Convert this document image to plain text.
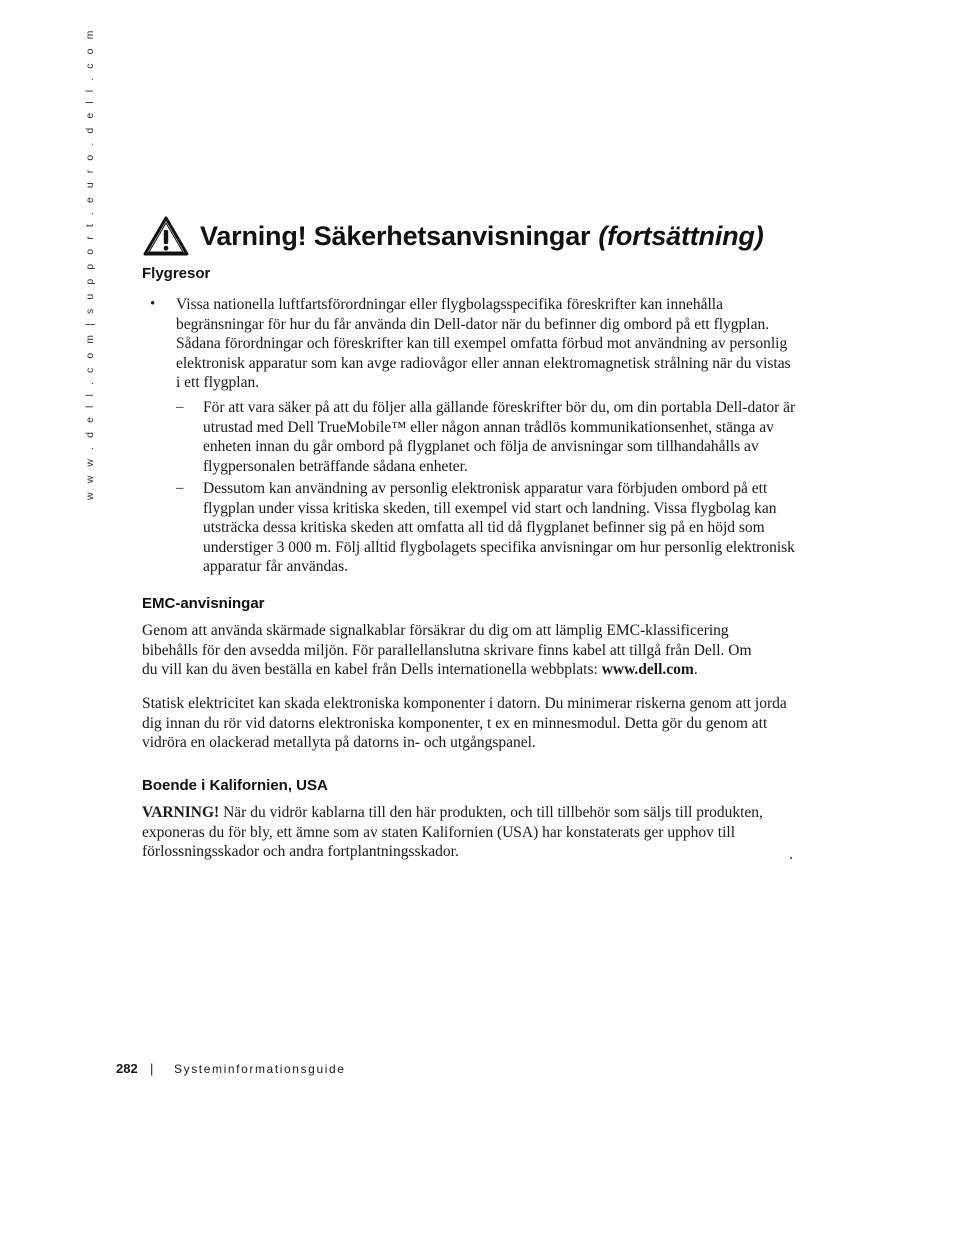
w w w . d e l l . c o m | s u p p o r t . e u r o . d e l l . c o m	Varning! Säkerhetsanvisningar (fortsättning)
Flygresor
• Vissa nationella luftfartsförordningar eller flygbolagsspecifika föreskrifter kan innehålla begränsningar för hur du får använda din Dell-dator när du befinner dig ombord på ett flygplan. Sådana förordningar och föreskrifter kan till exempel omfatta förbud mot användning av personlig elektronisk apparatur som kan avge radiovågor eller annan elektromagnetisk strålning när du vistas i ett flygplan.
– För att vara säker på att du följer alla gällande föreskrifter bör du, om din portabla Dell-dator är utrustad med Dell TrueMobile™ eller någon annan trådlös kommunikationsenhet, stänga av enheten innan du går ombord på flygplanet och följa de anvisningar som tillhandahålls av flygpersonalen beträffande sådana enheter.
– Dessutom kan användning av personlig elektronisk apparatur vara förbjuden ombord på ett flygplan under vissa kritiska skeden, till exempel vid start och landning. Vissa flygbolag kan utsträcka dessa kritiska skeden att omfatta all tid då flygplanet befinner sig på en höjd som understiger 3 000 m. Följ alltid flygbolagets specifika anvisningar om hur personlig elektronisk apparatur får användas.
EMC-anvisningar
Genom att använda skärmade signalkablar försäkrar du dig om att lämplig EMC-klassificering bibehålls för den avsedda miljön. För parallellanslutna skrivare finns kabel att tillgå från Dell. Om du vill kan du även beställa en kabel från Dells internationella webbplats: www.dell.com.
Statisk elektricitet kan skada elektroniska komponenter i datorn. Du minimerar riskerna genom att jorda dig innan du rör vid datorns elektroniska komponenter, t ex en minnesmodul. Detta gör du genom att vidröra en olackerad metallyta på datorns in- och utgångspanel.
Boende i Kalifornien, USA
VARNING! När du vidrör kablarna till den här produkten, och till tillbehör som säljs till produkten, exponeras du för bly, ett ämne som av staten Kalifornien (USA) har konstaterats ger upphov till förlossningsskador och andra fortplantningsskador.	.
282 | Systeminformationsguide
